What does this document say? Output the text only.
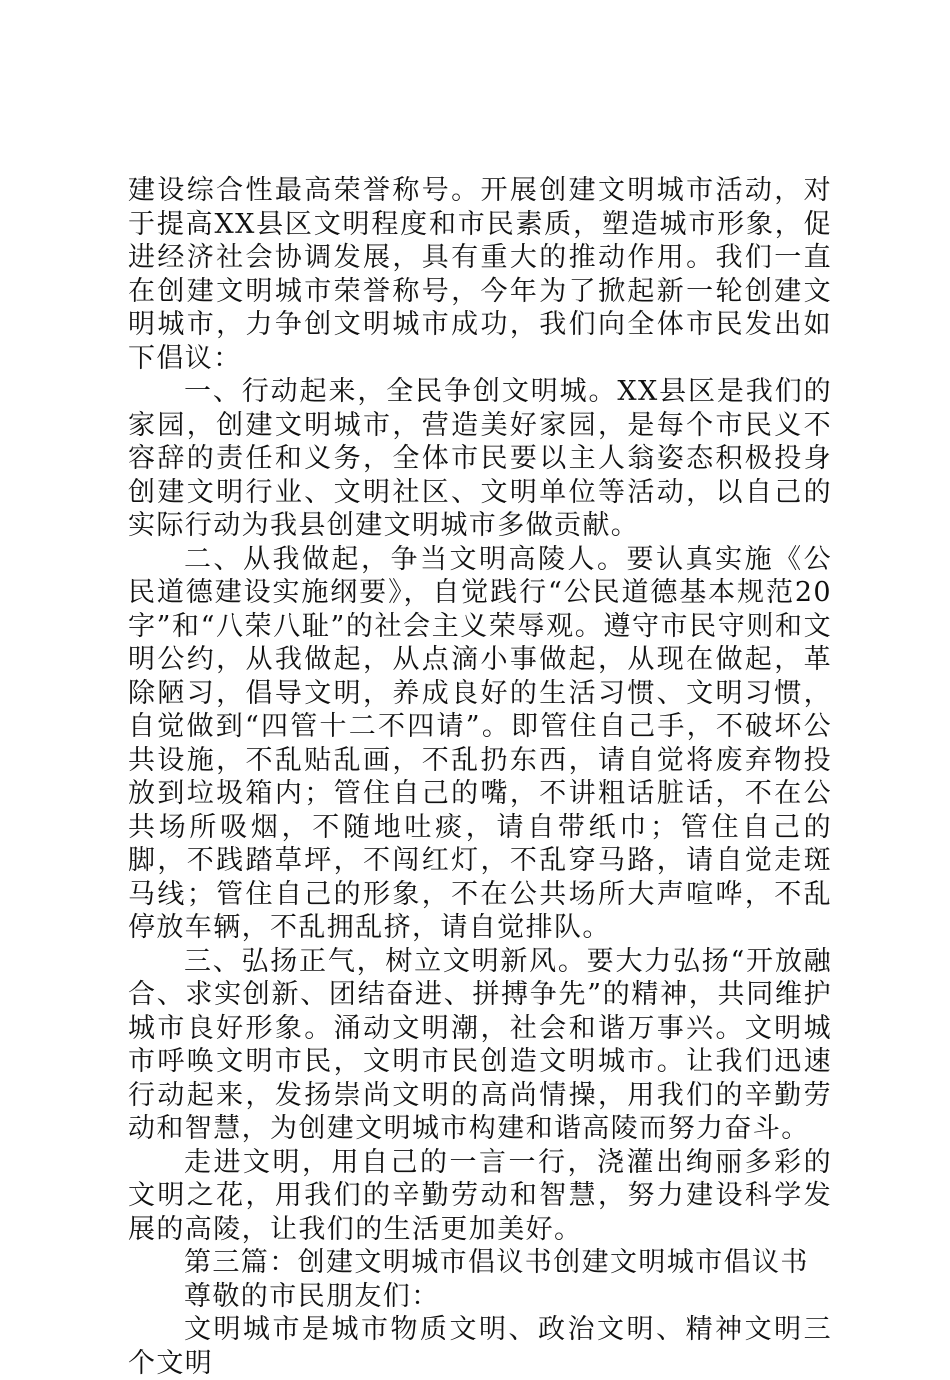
建设综合性最高荣誉称号。开展创建文明城市活动，对于提高XX县区文明程度和市民素质，塑造城市形象，促进经济社会协调发展，具有重大的推动作用。我们一直在创建文明城市荣誉称号，今年为了掀起新一轮创建文明城市，力争创文明城市成功，我们向全体市民发出如下倡议：

一、行动起来，全民争创文明城。XX县区是我们的家园，创建文明城市，营造美好家园，是每个市民义不容辞的责任和义务，全体市民要以主人翁姿态积极投身创建文明行业、文明社区、文明单位等活动，以自己的实际行动为我县创建文明城市多做贡献。

二、从我做起，争当文明高陵人。要认真实施《公民道德建设实施纲要》，自觉践行“公民道德基本规范20字”和“八荣八耻”的社会主义荣辱观。遵守市民守则和文明公约，从我做起，从点滴小事做起，从现在做起，革除陋习，倡导文明，养成良好的生活习惯、文明习惯，自觉做到“四管十二不四请”。即管住自己手，不破坏公共设施，不乱贴乱画，不乱扔东西，请自觉将废弃物投放到垃圾箱内；管住自己的嘴，不讲粗话脏话，不在公共场所吸烟，不随地吐痰，请自带纸巾；管住自己的脚，不践踏草坪，不闯红灯，不乱穿马路，请自觉走斑马线；管住自己的形象，不在公共场所大声喧哗，不乱停放车辆，不乱拥乱挤，请自觉排队。

三、弘扬正气，树立文明新风。要大力弘扬“开放融合、求实创新、团结奋进、拼搏争先”的精神，共同维护城市良好形象。涌动文明潮，社会和谐万事兴。文明城市呼唤文明市民，文明市民创造文明城市。让我们迅速行动起来，发扬崇尚文明的高尚情操，用我们的辛勤劳动和智慧，为创建文明城市构建和谐高陵而努力奋斗。

走进文明，用自己的一言一行，浇灌出绚丽多彩的文明之花，用我们的辛勤劳动和智慧，努力建设科学发展的高陵，让我们的生活更加美好。

第三篇：创建文明城市倡议书创建文明城市倡议书

尊敬的市民朋友们：

文明城市是城市物质文明、政治文明、精神文明三个文明
